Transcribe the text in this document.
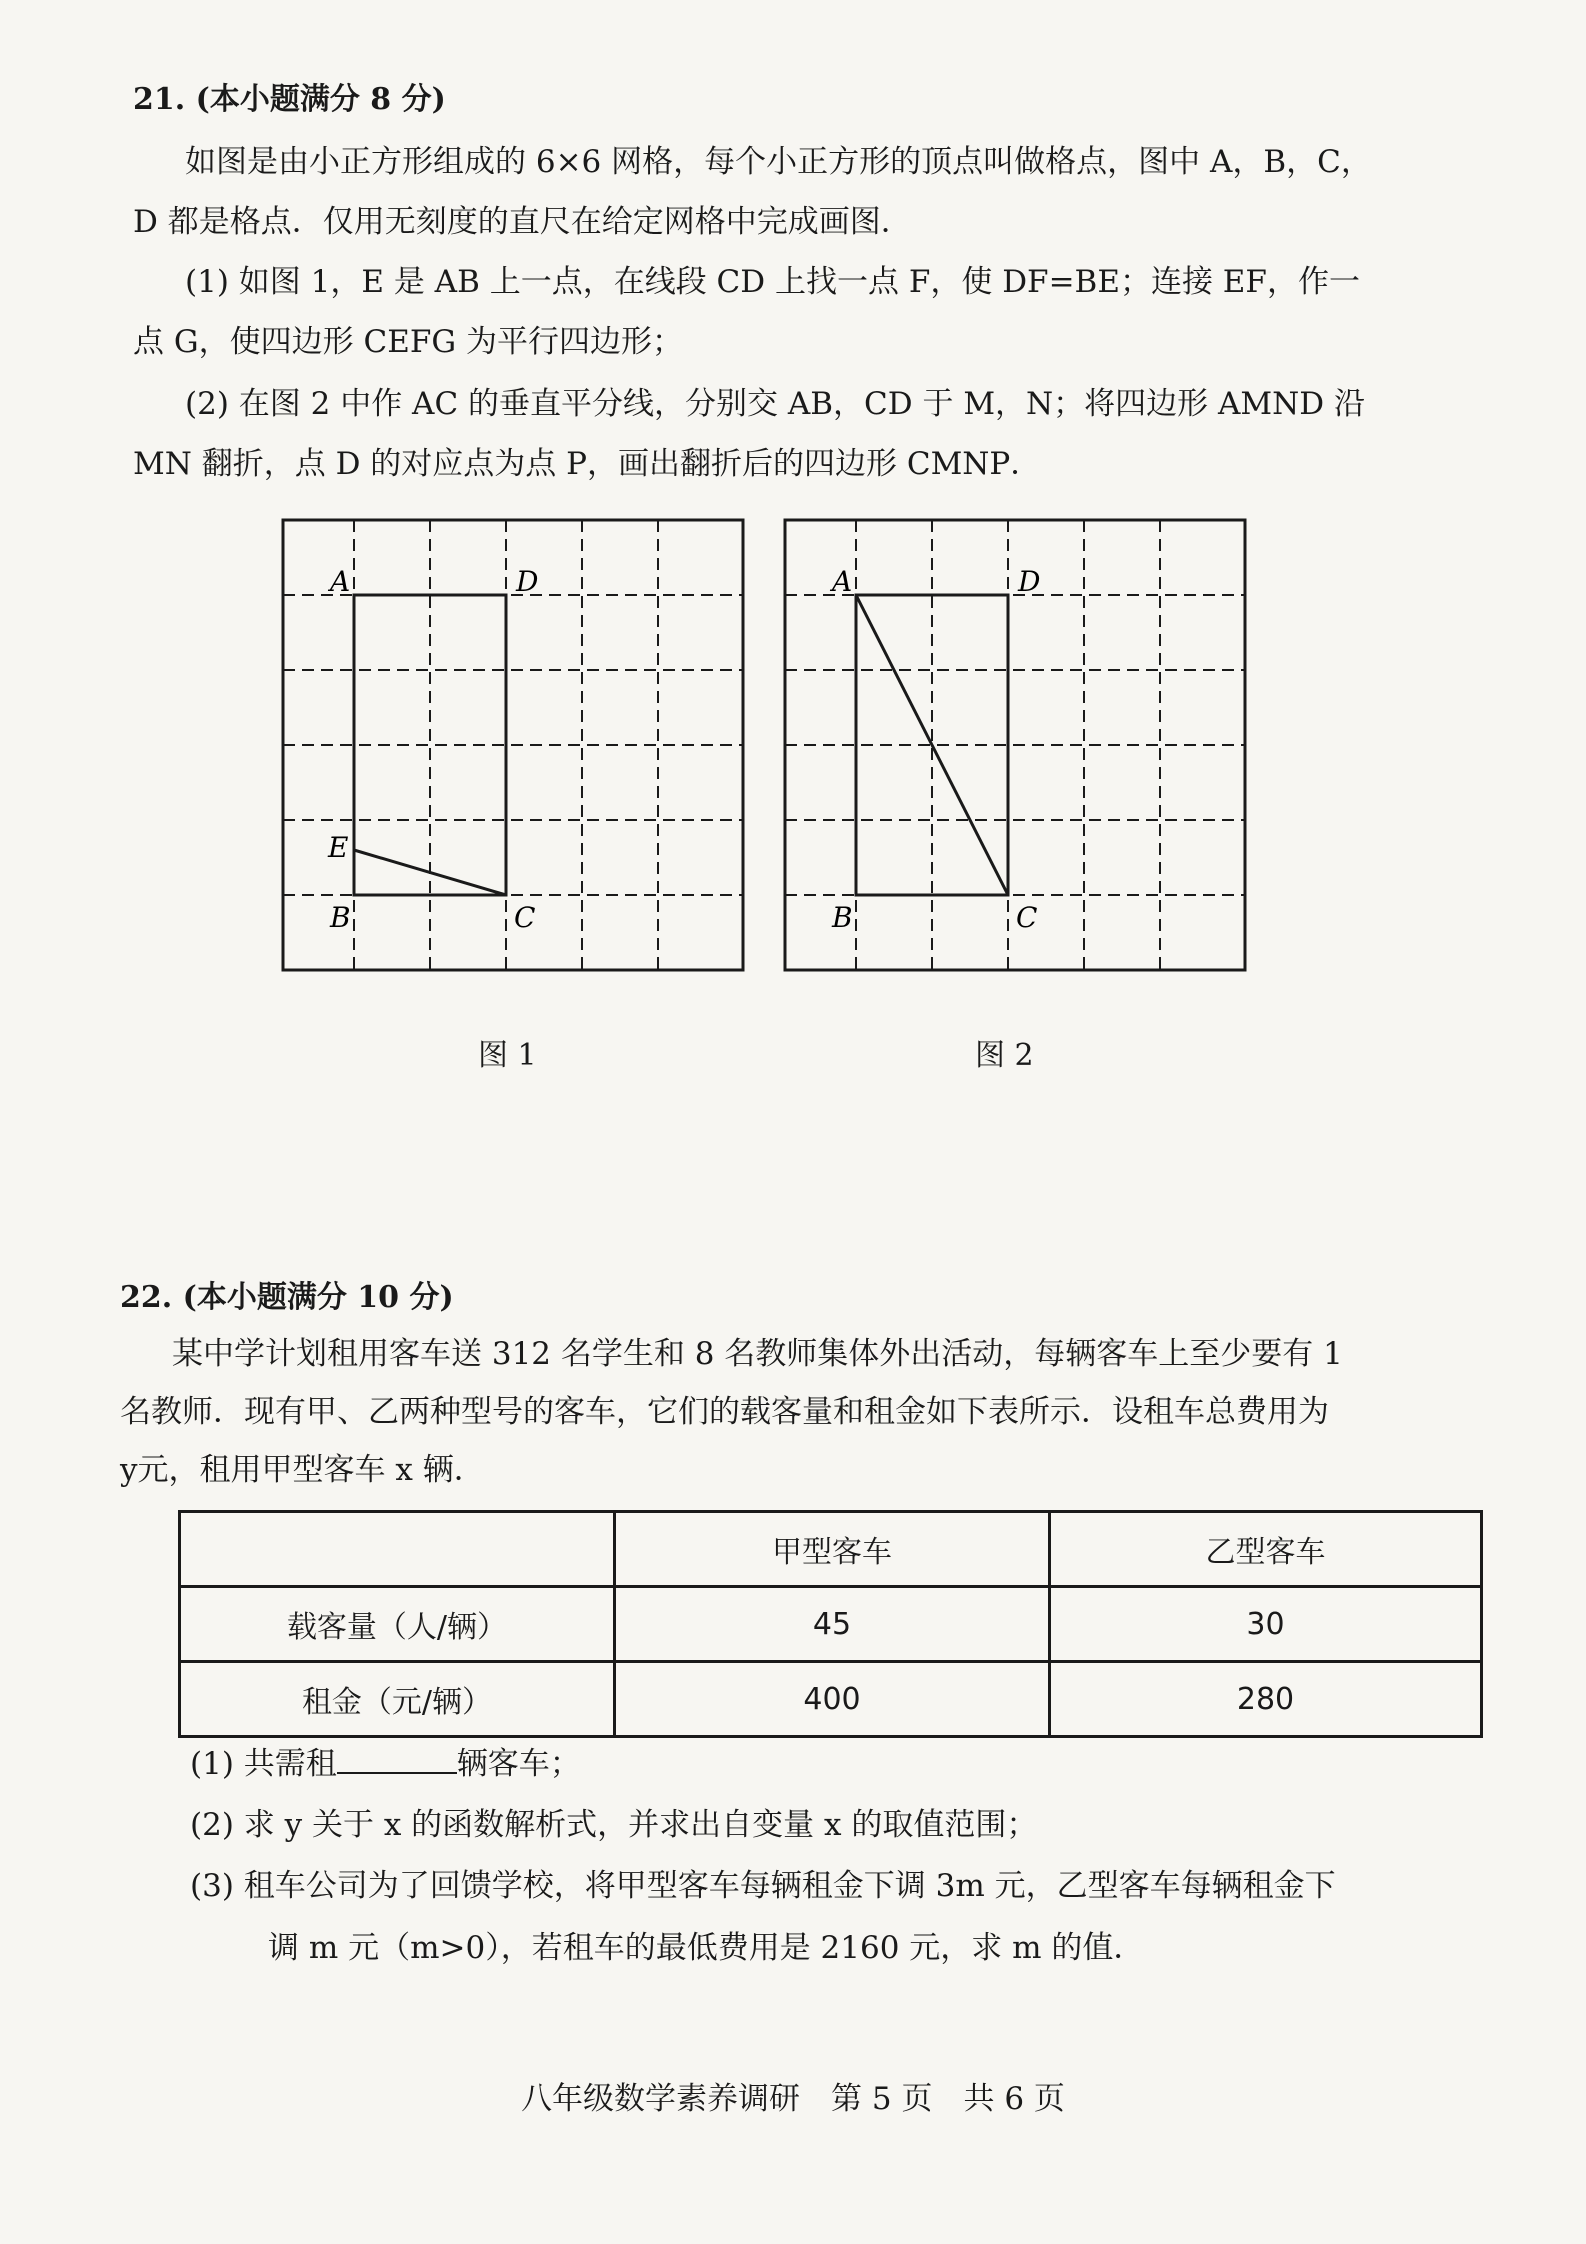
21. (本小题满分 8 分)
如图是由小正方形组成的 6×6 网格，每个小正方形的顶点叫做格点，图中 A，B，C，
D 都是格点．仅用无刻度的直尺在给定网格中完成画图．
(1) 如图 1，E 是 AB 上一点，在线段 CD 上找一点 F，使 DF=BE；连接 EF，作一
点 G，使四边形 CEFG 为平行四边形；
(2) 在图 2 中作 AC 的垂直平分线，分别交 AB，CD 于 M，N；将四边形 AMND 沿
MN 翻折，点 D 的对应点为点 P，画出翻折后的四边形 CMNP．
A	D
E
B	C
图 1
A	D
B	C
图 2
22. (本小题满分 10 分)
某中学计划租用客车送 312 名学生和 8 名教师集体外出活动，每辆客车上至少要有 1
名教师．现有甲、乙两种型号的客车，它们的载客量和租金如下表所示．设租车总费用为
y元，租用甲型客车 x 辆．
	甲型客车	乙型客车
载客量（人/辆）	45	30
租金（元/辆）	400	280
(1) 共需租	辆客车；
(2) 求 y 关于 x 的函数解析式，并求出自变量 x 的取值范围；
(3) 租车公司为了回馈学校，将甲型客车每辆租金下调 3m 元，乙型客车每辆租金下
调 m 元（m>0），若租车的最低费用是 2160 元，求 m 的值．
八年级数学素养调研　第 5 页　共 6 页
